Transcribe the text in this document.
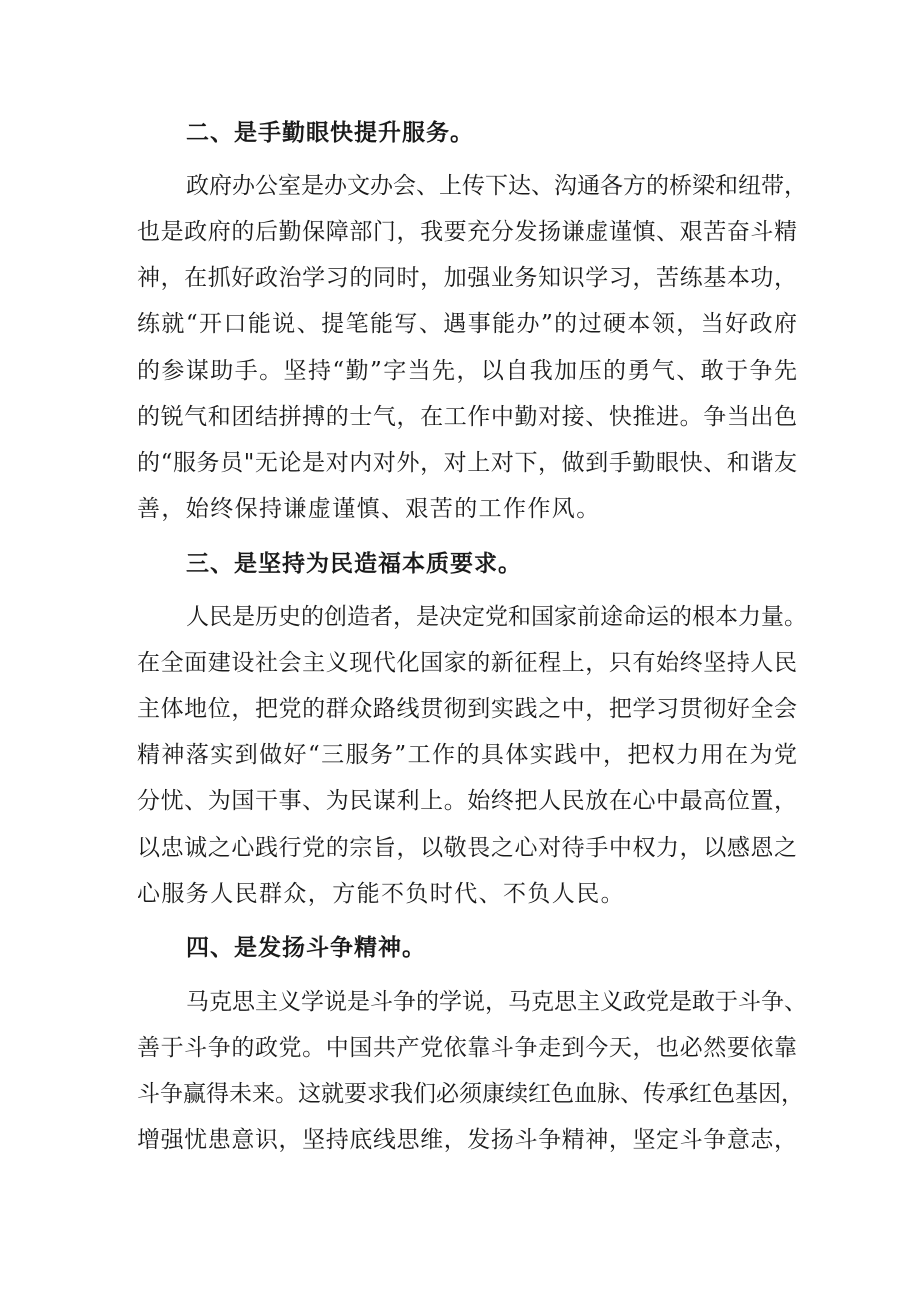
二、是手勤眼快提升服务。
政府办公室是办文办会、上传下达、沟通各方的桥梁和纽带，
也是政府的后勤保障部门，我要充分发扬谦虚谨慎、艰苦奋斗精
神，在抓好政治学习的同时，加强业务知识学习，苦练基本功，
练就“开口能说、提笔能写、遇事能办”的过硬本领，当好政府
的参谋助手。坚持“勤”字当先，以自我加压的勇气、敢于争先
的锐气和团结拼搏的士气，在工作中勤对接、快推进。争当出色
的“服务员"无论是对内对外，对上对下，做到手勤眼快、和谐友
善，始终保持谦虚谨慎、艰苦的工作作风。
三、是坚持为民造福本质要求。
人民是历史的创造者，是决定党和国家前途命运的根本力量。
在全面建设社会主义现代化国家的新征程上，只有始终坚持人民
主体地位，把党的群众路线贯彻到实践之中，把学习贯彻好全会
精神落实到做好“三服务”工作的具体实践中，把权力用在为党
分忧、为国干事、为民谋利上。始终把人民放在心中最高位置，
以忠诚之心践行党的宗旨，以敬畏之心对待手中权力，以感恩之
心服务人民群众，方能不负时代、不负人民。
四、是发扬斗争精神。
马克思主义学说是斗争的学说，马克思主义政党是敢于斗争、
善于斗争的政党。中国共产党依靠斗争走到今天，也必然要依靠
斗争赢得未来。这就要求我们必须康续红色血脉、传承红色基因，
增强忧患意识，坚持底线思维，发扬斗争精神，坚定斗争意志，
